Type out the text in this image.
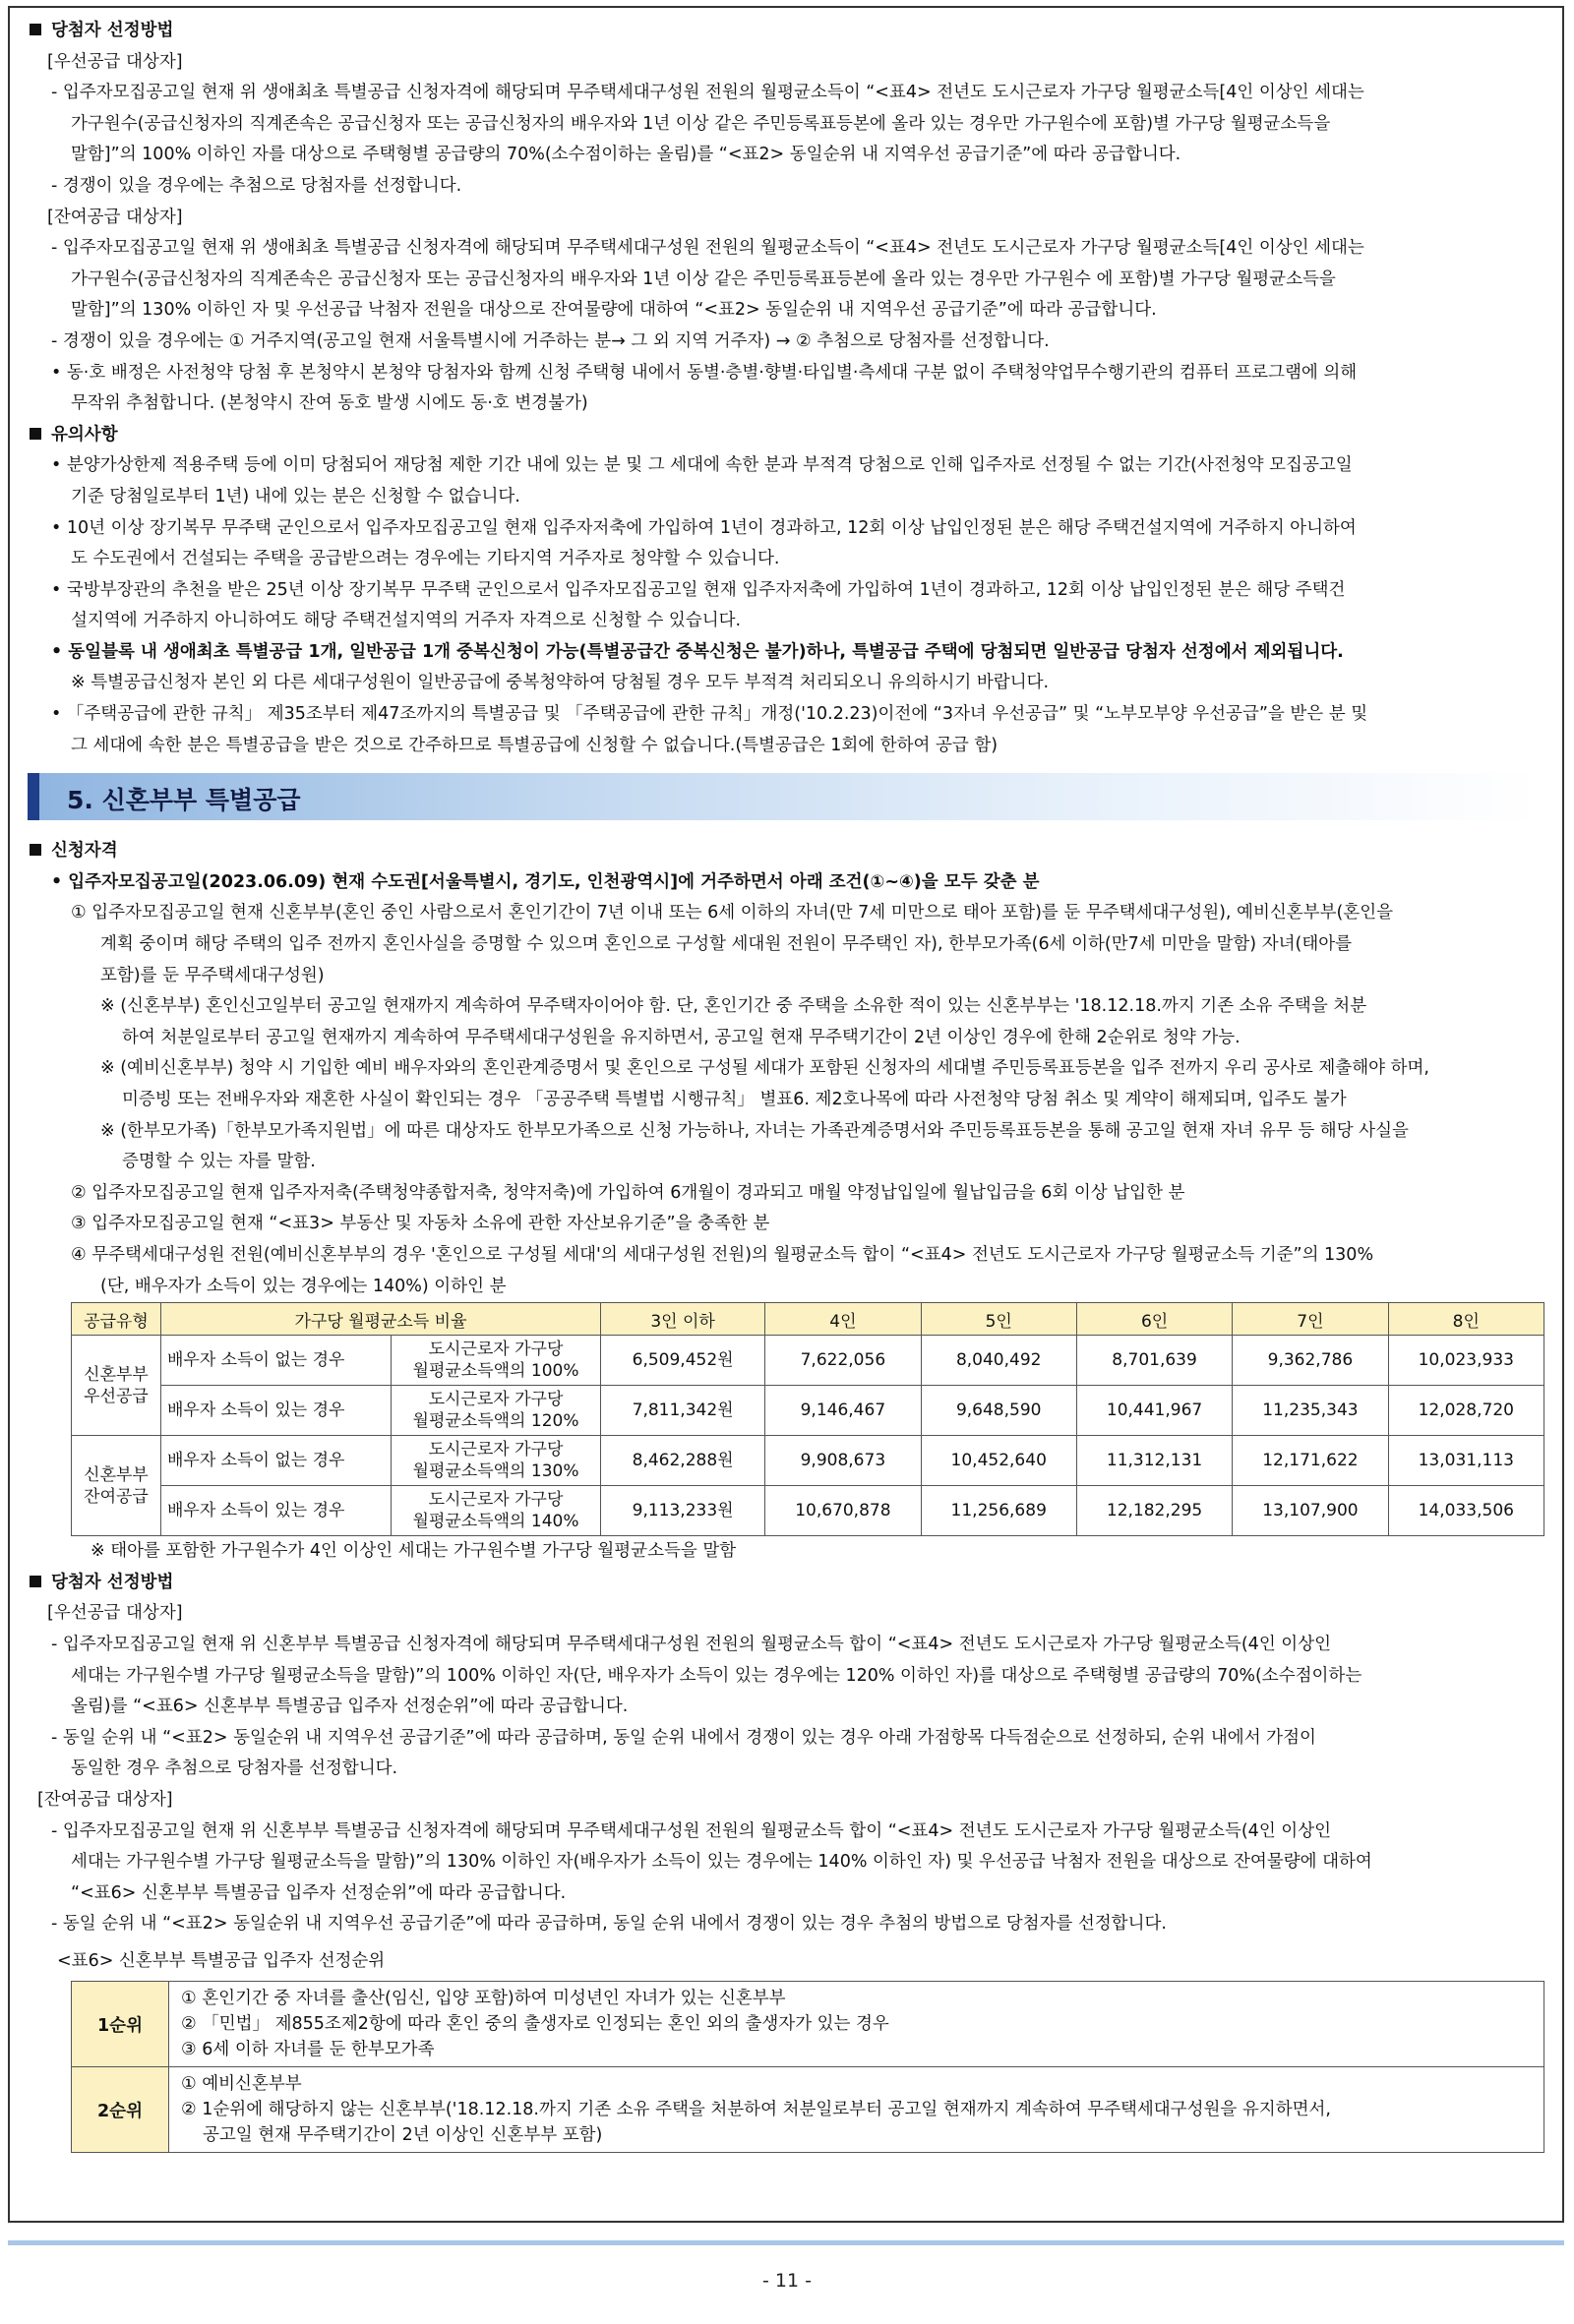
당첨자 선정방법
[우선공급 대상자]
- 입주자모집공고일 현재 위 생애최초 특별공급 신청자격에 해당되며 무주택세대구성원 전원의 월평균소득이 “<표4> 전년도 도시근로자 가구당 월평균소득[4인 이상인 세대는
가구원수(공급신청자의 직계존속은 공급신청자 또는 공급신청자의 배우자와 1년 이상 같은 주민등록표등본에 올라 있는 경우만 가구원수에 포함)별 가구당 월평균소득을
말함]”의 100% 이하인 자를 대상으로 주택형별 공급량의 70%(소수점이하는 올림)를 “<표2> 동일순위 내 지역우선 공급기준”에 따라 공급합니다.
- 경쟁이 있을 경우에는 추첨으로 당첨자를 선정합니다.
[잔여공급 대상자]
- 입주자모집공고일 현재 위 생애최초 특별공급 신청자격에 해당되며 무주택세대구성원 전원의 월평균소득이 “<표4> 전년도 도시근로자 가구당 월평균소득[4인 이상인 세대는
가구원수(공급신청자의 직계존속은 공급신청자 또는 공급신청자의 배우자와 1년 이상 같은 주민등록표등본에 올라 있는 경우만 가구원수 에 포함)별 가구당 월평균소득을
말함]”의 130% 이하인 자 및 우선공급 낙첨자 전원을 대상으로 잔여물량에 대하여 “<표2> 동일순위 내 지역우선 공급기준”에 따라 공급합니다.
- 경쟁이 있을 경우에는 ① 거주지역(공고일 현재 서울특별시에 거주하는 분→ 그 외 지역 거주자) → ② 추첨으로 당첨자를 선정합니다.
• 동·호 배정은 사전청약 당첨 후 본청약시 본청약 당첨자와 함께 신청 주택형 내에서 동별·층별·향별·타입별·측세대 구분 없이 주택청약업무수행기관의 컴퓨터 프로그램에 의해
무작위 추첨합니다. (본청약시 잔여 동호 발생 시에도 동·호 변경불가)
유의사항
• 분양가상한제 적용주택 등에 이미 당첨되어 재당첨 제한 기간 내에 있는 분 및 그 세대에 속한 분과 부적격 당첨으로 인해 입주자로 선정될 수 없는 기간(사전청약 모집공고일
기준 당첨일로부터 1년) 내에 있는 분은 신청할 수 없습니다.
• 10년 이상 장기복무 무주택 군인으로서 입주자모집공고일 현재 입주자저축에 가입하여 1년이 경과하고, 12회 이상 납입인정된 분은 해당 주택건설지역에 거주하지 아니하여
도 수도권에서 건설되는 주택을 공급받으려는 경우에는 기타지역 거주자로 청약할 수 있습니다.
• 국방부장관의 추천을 받은 25년 이상 장기복무 무주택 군인으로서 입주자모집공고일 현재 입주자저축에 가입하여 1년이 경과하고, 12회 이상 납입인정된 분은 해당 주택건
설지역에 거주하지 아니하여도 해당 주택건설지역의 거주자 자격으로 신청할 수 있습니다.
• 동일블록 내 생애최초 특별공급 1개, 일반공급 1개 중복신청이 가능(특별공급간 중복신청은 불가)하나, 특별공급 주택에 당첨되면 일반공급 당첨자 선정에서 제외됩니다.
※ 특별공급신청자 본인 외 다른 세대구성원이 일반공급에 중복청약하여 당첨될 경우 모두 부적격 처리되오니 유의하시기 바랍니다.
• 「주택공급에 관한 규칙」 제35조부터 제47조까지의 특별공급 및 「주택공급에 관한 규칙」개정('10.2.23)이전에 “3자녀 우선공급” 및 “노부모부양 우선공급”을 받은 분 및
그 세대에 속한 분은 특별공급을 받은 것으로 간주하므로 특별공급에 신청할 수 없습니다.(특별공급은 1회에 한하여 공급 함)
5. 신혼부부 특별공급
신청자격
• 입주자모집공고일(2023.06.09) 현재 수도권[서울특별시, 경기도, 인천광역시]에 거주하면서 아래 조건(①~④)을 모두 갖춘 분
① 입주자모집공고일 현재 신혼부부(혼인 중인 사람으로서 혼인기간이 7년 이내 또는 6세 이하의 자녀(만 7세 미만으로 태아 포함)를 둔 무주택세대구성원), 예비신혼부부(혼인을
계획 중이며 해당 주택의 입주 전까지 혼인사실을 증명할 수 있으며 혼인으로 구성할 세대원 전원이 무주택인 자), 한부모가족(6세 이하(만7세 미만을 말함) 자녀(태아를
포함)를 둔 무주택세대구성원)
※ (신혼부부) 혼인신고일부터 공고일 현재까지 계속하여 무주택자이어야 함. 단, 혼인기간 중 주택을 소유한 적이 있는 신혼부부는 '18.12.18.까지 기존 소유 주택을 처분
하여 처분일로부터 공고일 현재까지 계속하여 무주택세대구성원을 유지하면서, 공고일 현재 무주택기간이 2년 이상인 경우에 한해 2순위로 청약 가능.
※ (예비신혼부부) 청약 시 기입한 예비 배우자와의 혼인관계증명서 및 혼인으로 구성될 세대가 포함된 신청자의 세대별 주민등록표등본을 입주 전까지 우리 공사로 제출해야 하며,
미증빙 또는 전배우자와 재혼한 사실이 확인되는 경우 「공공주택 특별법 시행규칙」 별표6. 제2호나목에 따라 사전청약 당첨 취소 및 계약이 해제되며, 입주도 불가
※ (한부모가족)「한부모가족지원법」에 따른 대상자도 한부모가족으로 신청 가능하나, 자녀는 가족관계증명서와 주민등록표등본을 통해 공고일 현재 자녀 유무 등 해당 사실을
증명할 수 있는 자를 말함.
② 입주자모집공고일 현재 입주자저축(주택청약종합저축, 청약저축)에 가입하여 6개월이 경과되고 매월 약정납입일에 월납입금을 6회 이상 납입한 분
③ 입주자모집공고일 현재 “<표3> 부동산 및 자동차 소유에 관한 자산보유기준”을 충족한 분
④ 무주택세대구성원 전원(예비신혼부부의 경우 '혼인으로 구성될 세대'의 세대구성원 전원)의 월평균소득 합이 “<표4> 전년도 도시근로자 가구당 월평균소득 기준”의 130%
(단, 배우자가 소득이 있는 경우에는 140%) 이하인 분
공급유형	가구당 월평균소득 비율		3인 이하	4인	5인	6인	7인	8인
신혼부부
우선공급	배우자 소득이 없는 경우	도시근로자 가구당
월평균소득액의 100%	6,509,452원	7,622,056	8,040,492	8,701,639	9,362,786	10,023,933
	배우자 소득이 있는 경우	도시근로자 가구당
월평균소득액의 120%	7,811,342원	9,146,467	9,648,590	10,441,967	11,235,343	12,028,720
신혼부부
잔여공급	배우자 소득이 없는 경우	도시근로자 가구당
월평균소득액의 130%	8,462,288원	9,908,673	10,452,640	11,312,131	12,171,622	13,031,113
	배우자 소득이 있는 경우	도시근로자 가구당
월평균소득액의 140%	9,113,233원	10,670,878	11,256,689	12,182,295	13,107,900	14,033,506
※ 태아를 포함한 가구원수가 4인 이상인 세대는 가구원수별 가구당 월평균소득을 말함
당첨자 선정방법
[우선공급 대상자]
- 입주자모집공고일 현재 위 신혼부부 특별공급 신청자격에 해당되며 무주택세대구성원 전원의 월평균소득 합이 “<표4> 전년도 도시근로자 가구당 월평균소득(4인 이상인
세대는 가구원수별 가구당 월평균소득을 말함)”의 100% 이하인 자(단, 배우자가 소득이 있는 경우에는 120% 이하인 자)를 대상으로 주택형별 공급량의 70%(소수점이하는
올림)를 “<표6> 신혼부부 특별공급 입주자 선정순위”에 따라 공급합니다.
- 동일 순위 내 “<표2> 동일순위 내 지역우선 공급기준”에 따라 공급하며, 동일 순위 내에서 경쟁이 있는 경우 아래 가점항목 다득점순으로 선정하되, 순위 내에서 가점이
동일한 경우 추첨으로 당첨자를 선정합니다.
[잔여공급 대상자]
- 입주자모집공고일 현재 위 신혼부부 특별공급 신청자격에 해당되며 무주택세대구성원 전원의 월평균소득 합이 “<표4> 전년도 도시근로자 가구당 월평균소득(4인 이상인
세대는 가구원수별 가구당 월평균소득을 말함)”의 130% 이하인 자(배우자가 소득이 있는 경우에는 140% 이하인 자) 및 우선공급 낙첨자 전원을 대상으로 잔여물량에 대하여
“<표6> 신혼부부 특별공급 입주자 선정순위”에 따라 공급합니다.
- 동일 순위 내 “<표2> 동일순위 내 지역우선 공급기준”에 따라 공급하며, 동일 순위 내에서 경쟁이 있는 경우 추첨의 방법으로 당첨자를 선정합니다.
<표6> 신혼부부 특별공급 입주자 선정순위
1순위	① 혼인기간 중 자녀를 출산(임신, 입양 포함)하여 미성년인 자녀가 있는 신혼부부
② 「민법」 제855조제2항에 따라 혼인 중의 출생자로 인정되는 혼인 외의 출생자가 있는 경우
③ 6세 이하 자녀를 둔 한부모가족

2순위	① 예비신혼부부
② 1순위에 해당하지 않는 신혼부부('18.12.18.까지 기존 소유 주택을 처분하여 처분일로부터 공고일 현재까지 계속하여 무주택세대구성원을 유지하면서,
공고일 현재 무주택기간이 2년 이상인 신혼부부 포함)
- 11 -
